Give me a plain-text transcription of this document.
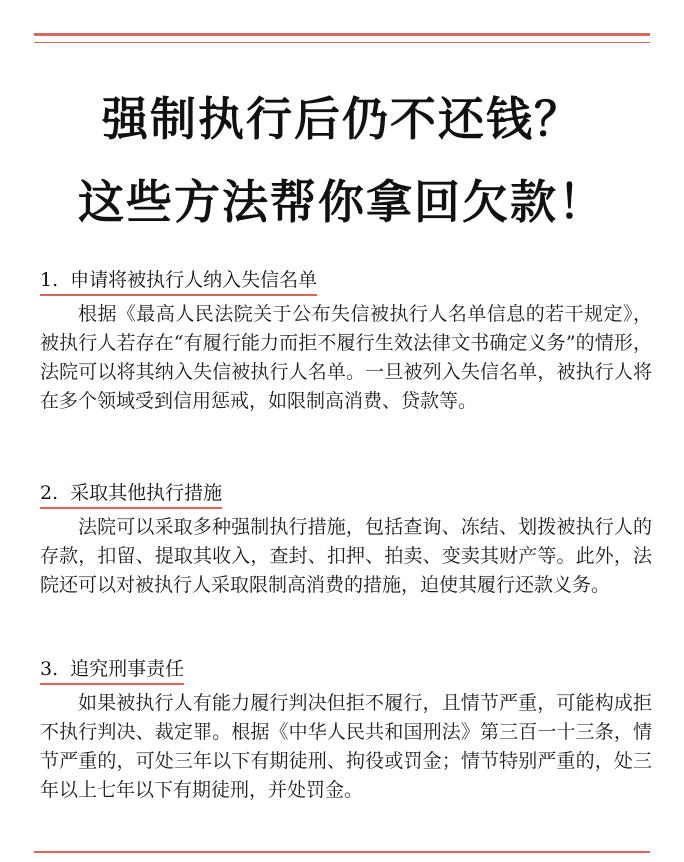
强制执行后仍不还钱？
这些方法帮你拿回欠款！
1. 申请将被执行人纳入失信名单
根据《最高人民法院关于公布失信被执行人名单信息的若干规定》，被执行人若存在“有履行能力而拒不履行生效法律文书确定义务”的情形，法院可以将其纳入失信被执行人名单。一旦被列入失信名单，被执行人将在多个领域受到信用惩戒，如限制高消费、贷款等。
2. 采取其他执行措施
法院可以采取多种强制执行措施，包括查询、冻结、划拨被执行人的存款，扣留、提取其收入，查封、扣押、拍卖、变卖其财产等。此外，法院还可以对被执行人采取限制高消费的措施，迫使其履行还款义务。
3. 追究刑事责任
如果被执行人有能力履行判决但拒不履行，且情节严重，可能构成拒不执行判决、裁定罪。根据《中华人民共和国刑法》第三百一十三条，情节严重的，可处三年以下有期徒刑、拘役或罚金；情节特别严重的，处三年以上七年以下有期徒刑，并处罚金。
